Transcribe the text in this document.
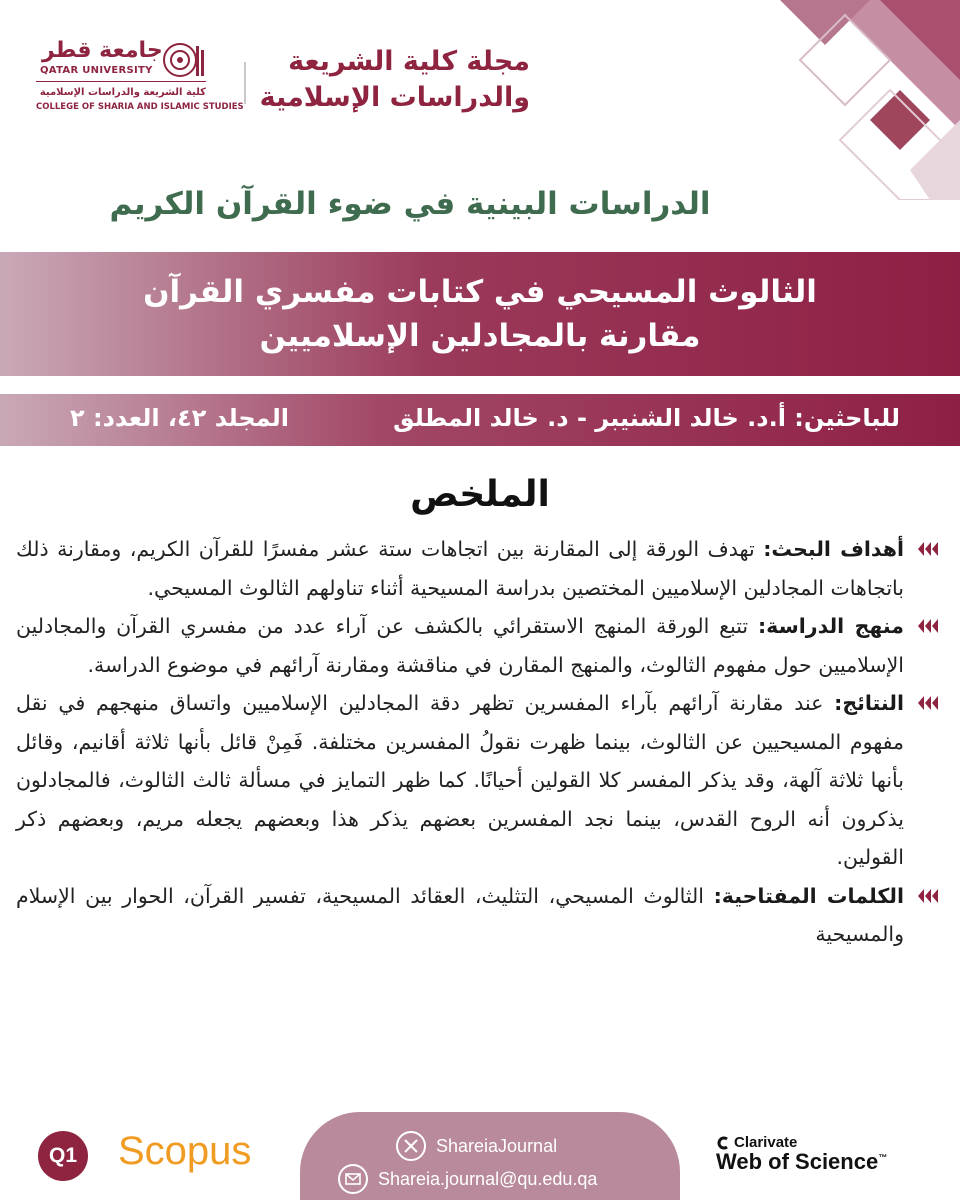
مجلة كلية الشريعة
والدراسات الإسلامية
جامعة قطر
QATAR UNIVERSITY
كلية الشريعة والدراسات الإسلامية
COLLEGE OF SHARIA AND ISLAMIC STUDIES
الدراسات البينية في ضوء القرآن الكريم
الثالوث المسيحي في كتابات مفسري القرآن مقارنة بالمجادلين الإسلاميين
للباحثين: أ.د. خالد الشنيبر - د. خالد المطلق
المجلد ٤٢، العدد: ٢
الملخص
أهداف البحث: تهدف الورقة إلى المقارنة بين اتجاهات ستة عشر مفسرًا للقرآن الكريم، ومقارنة ذلك باتجاهات المجادلين الإسلاميين المختصين بدراسة المسيحية أثناء تناولهم الثالوث المسيحي.
منهج الدراسة: تتبع الورقة المنهج الاستقرائي بالكشف عن آراء عدد من مفسري القرآن والمجادلين الإسلاميين حول مفهوم الثالوث، والمنهج المقارن في مناقشة ومقارنة آرائهم في موضوع الدراسة.
النتائج: عند مقارنة آرائهم بآراء المفسرين تظهر دقة المجادلين الإسلاميين واتساق منهجهم في نقل مفهوم المسيحيين عن الثالوث، بينما ظهرت نقولُ المفسرين مختلفة. فَمِنْ قائل بأنها ثلاثة أقانيم، وقائل بأنها ثلاثة آلهة، وقد يذكر المفسر كلا القولين أحيانًا. كما ظهر التمايز في مسألة ثالث الثالوث، فالمجادلون يذكرون أنه الروح القدس، بينما نجد المفسرين بعضهم يذكر هذا وبعضهم يجعله مريم، وبعضهم ذكر القولين.
الكلمات المفتاحية: الثالوث المسيحي، التثليث، العقائد المسيحية، تفسير القرآن، الحوار بين الإسلام والمسيحية
Q1 Scopus	ShareiaJournal
Shareia.journal@qu.edu.qa
Clarivate
Web of Science™
